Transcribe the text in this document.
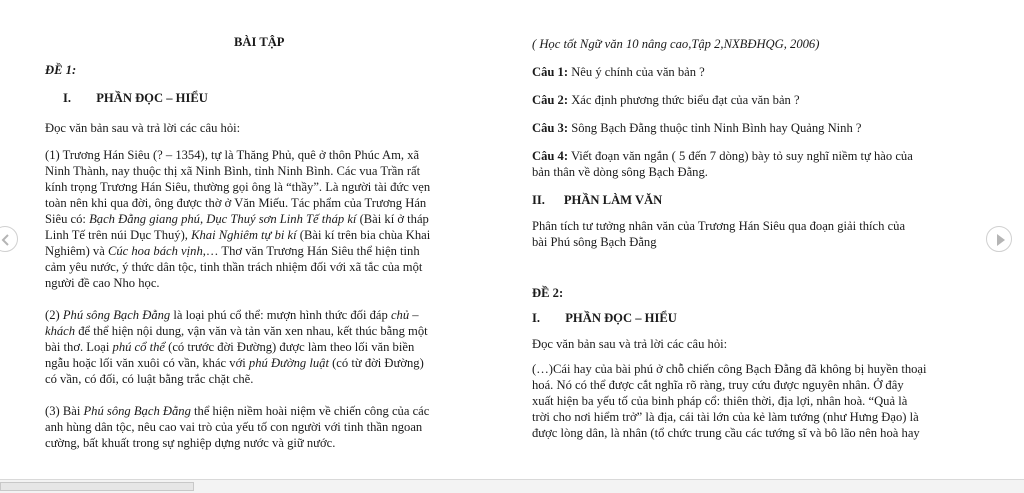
BÀI TẬP
ĐỀ 1:
I.        PHẦN ĐỌC – HIỂU
Đọc văn bản sau và trả lời các câu hỏi:
(1) Trương Hán Siêu (? – 1354), tự là Thăng Phủ, quê ở thôn Phúc Am, xã
Ninh Thành, nay thuộc thị xã Ninh Bình, tỉnh Ninh Bình. Các vua Trần rất
kính trọng Trương Hán Siêu, thường gọi ông là “thầy”. Là người tài đức vẹn
toàn nên khi qua đời, ông được thờ ở Văn Miếu. Tác phẩm của Trương Hán
Siêu có: Bạch Đằng giang phú, Dục Thuý sơn Linh Tế tháp kí (Bài kí ở tháp
Linh Tế trên núi Dục Thuý), Khai Nghiêm tự bi kí (Bài kí trên bia chùa Khai
Nghiêm) và Cúc hoa bách vịnh,… Thơ văn Trương Hán Siêu thể hiện tinh
cảm yêu nước, ý thức dân tộc, tinh thần trách nhiệm đối với xã tắc của một
người đề cao Nho học.
(2) Phú sông Bạch Đằng là loại phú cổ thể: mượn hình thức đối đáp chủ –
khách để thể hiện nội dung, vận văn và tản văn xen nhau, kết thúc bằng một
bài thơ. Loại phú cổ thể (có trước đời Đường) được làm theo lối văn biền
ngẫu hoặc lối văn xuôi có vần, khác với phú Đường luật (có từ đời Đường)
có vần, có đối, có luật bằng trắc chặt chẽ.
(3) Bài Phú sông Bạch Đằng thể hiện niềm hoài niệm về chiến công của các
anh hùng dân tộc, nêu cao vai trò của yếu tố con người với tinh thần ngoan
cường, bất khuất trong sự nghiệp dựng nước và giữ nước.
( Học tốt Ngữ văn 10 nâng cao,Tập 2,NXBĐHQG, 2006)
Câu 1: Nêu ý chính của văn bản ?
Câu 2: Xác định phương thức biểu đạt của văn bản ?
Câu 3: Sông Bạch Đằng thuộc tỉnh Ninh Bình hay Quảng Ninh ?
Câu 4: Viết đoạn văn ngắn ( 5 đến 7 dòng) bày tỏ suy nghĩ niềm tự hào của
bản thân về dòng sông Bạch Đằng.
II.      PHẦN LÀM VĂN
Phân tích tư tưởng nhân văn của Trương Hán Siêu qua đoạn giải thích của
bài Phú sông Bạch Đằng
ĐỀ 2:
I.        PHẦN ĐỌC – HIỂU
Đọc văn bản sau và trả lời các câu hỏi:
(…)Cái hay của bài phú ở chỗ chiến công Bạch Đằng đã không bị huyền thoại
hoá. Nó có thể được cắt nghĩa rõ ràng, truy cứu được nguyên nhân. Ở đây
xuất hiện ba yếu tố của binh pháp cổ: thiên thời, địa lợi, nhân hoà. “Quả là
trời cho nơi hiểm trở” là địa, cái tài lớn của kẻ làm tướng (như Hưng Đạo) là
được lòng dân, là nhân (tổ chức trung cầu các tướng sĩ và bô lão nên hoà hay
